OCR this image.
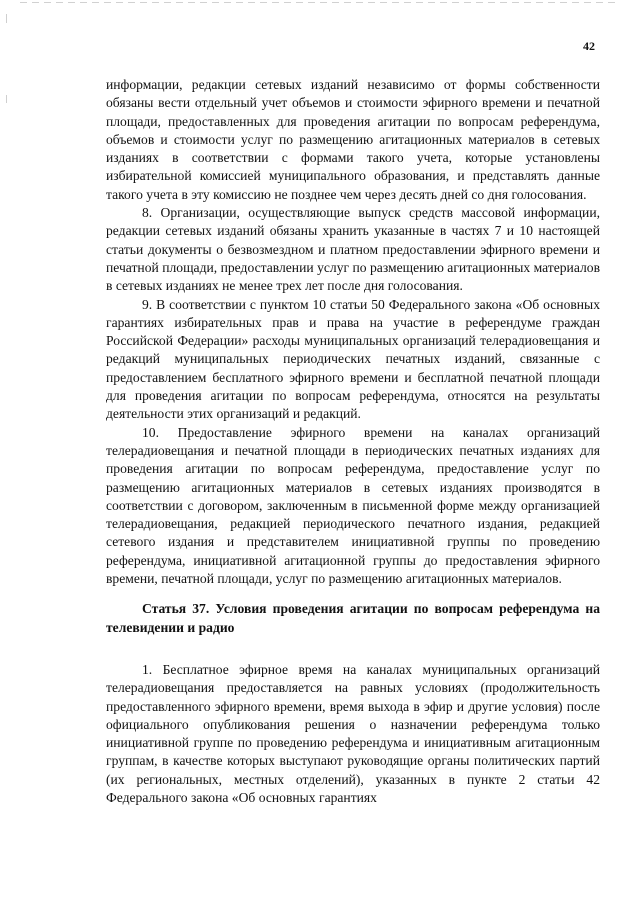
42

информации, редакции сетевых изданий независимо от формы собственности обязаны вести отдельный учет объемов и стоимости эфирного времени и печатной площади, предоставленных для проведения агитации по вопросам референдума, объемов и стоимости услуг по размещению агитационных материалов в сетевых изданиях в соответствии с формами такого учета, которые установлены избирательной комиссией муниципального образования, и представлять данные такого учета в эту комиссию не позднее чем через десять дней со дня голосования.

8. Организации, осуществляющие выпуск средств массовой информации, редакции сетевых изданий обязаны хранить указанные в частях 7 и 10 настоящей статьи документы о безвозмездном и платном предоставлении эфирного времени и печатной площади, предоставлении услуг по размещению агитационных материалов в сетевых изданиях не менее трех лет после дня голосования.

9. В соответствии с пунктом 10 статьи 50 Федерального закона «Об основных гарантиях избирательных прав и права на участие в референдуме граждан Российской Федерации» расходы муниципальных организаций телерадиовещания и редакций муниципальных периодических печатных изданий, связанные с предоставлением бесплатного эфирного времени и бесплатной печатной площади для проведения агитации по вопросам референдума, относятся на результаты деятельности этих организаций и редакций.

10. Предоставление эфирного времени на каналах организаций телерадиовещания и печатной площади в периодических печатных изданиях для проведения агитации по вопросам референдума, предоставление услуг по размещению агитационных материалов в сетевых изданиях производятся в соответствии с договором, заключенным в письменной форме между организацией телерадиовещания, редакцией периодического печатного издания, редакцией сетевого издания и представителем инициативной группы по проведению референдума, инициативной агитационной группы до предоставления эфирного времени, печатной площади, услуг по размещению агитационных материалов.

Статья 37. Условия проведения агитации по вопросам референдума на телевидении и радио

1. Бесплатное эфирное время на каналах муниципальных организаций телерадиовещания предоставляется на равных условиях (продолжительность предоставленного эфирного времени, время выхода в эфир и другие условия) после официального опубликования решения о назначении референдума только инициативной группе по проведению референдума и инициативным агитационным группам, в качестве которых выступают руководящие органы политических партий (их региональных, местных отделений), указанных в пункте 2 статьи 42 Федерального закона «Об основных гарантиях
